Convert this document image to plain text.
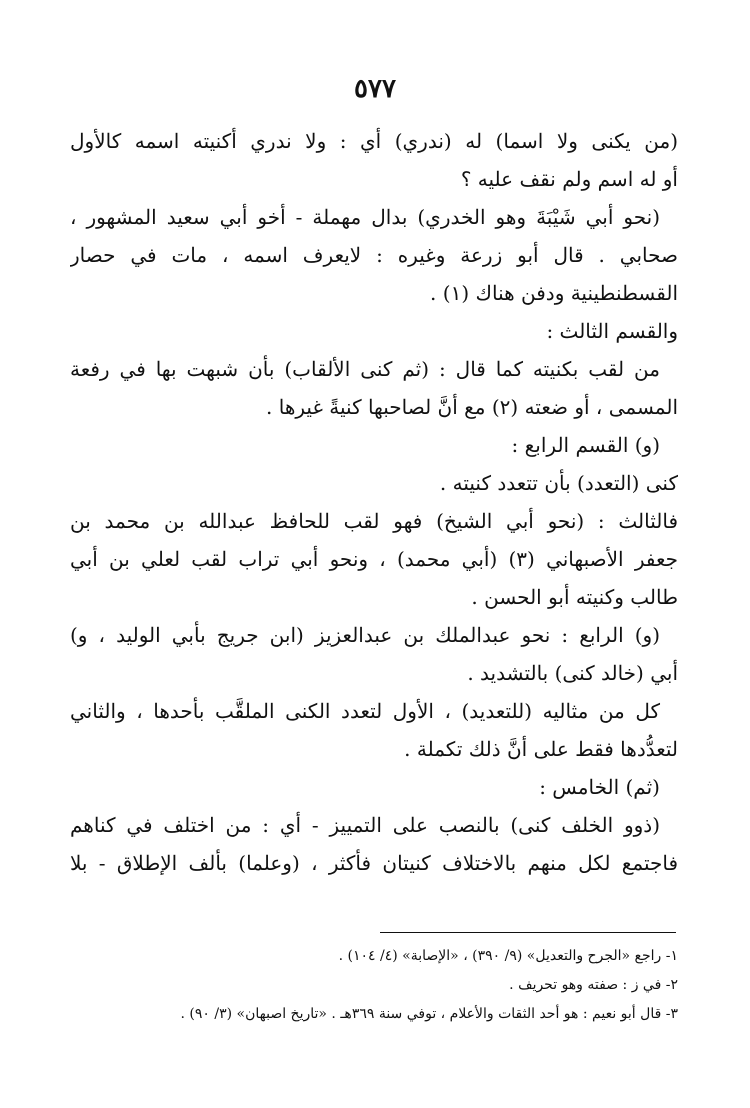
٥٧٧
(من يكنى ولا اسما) له (ندري) أي : ولا ندري أكنيته اسمه كالأول
أو له اسم ولم نقف عليه ؟
(نحو أبي شَيْبَةَ وهو الخدري) بدال مهملة - أخو أبي سعيد المشهور ،
صحابي . قال أبو زرعة وغيره : لايعرف اسمه ، مات في حصار
القسطنطينية ودفن هناك (١) .
والقسم الثالث :
من لقب بكنيته كما قال : (ثم كنى الألقاب) بأن شبهت بها في رفعة
المسمى ، أو ضعته (٢) مع أنَّ لصاحبها كنيةً غيرها .
(و) القسم الرابع :
كنى (التعدد) بأن تتعدد كنيته .
فالثالث : (نحو أبي الشيخ) فهو لقب للحافظ عبدالله بن محمد بن
جعفر الأصبهاني (٣) (أبي محمد) ، ونحو أبي تراب لقب لعلي بن أبي
طالب وكنيته أبو الحسن .
(و) الرابع : نحو عبدالملك بن عبدالعزيز (ابن جريج بأبي الوليد ، و)
أبي (خالد كنى) بالتشديد .
كل من مثاليه (للتعديد) ، الأول لتعدد الكنى الملقَّب بأحدها ، والثاني
لتعدُّدها فقط على أنَّ ذلك تكملة .
(ثم) الخامس :
(ذوو الخلف كنى) بالنصب على التمييز - أي : من اختلف في كناهم
فاجتمع لكل منهم بالاختلاف كنيتان فأكثر ، (وعلما) بألف الإطلاق - بلا
١- راجع «الجرح والتعديل» (٩/ ٣٩٠) ، «الإصابة» (٤/ ١٠٤) .
٢- في ز : صفته وهو تحريف .
٣- قال أبو نعيم : هو أحد الثقات والأعلام ، توفي سنة ٣٦٩هـ . «تاريخ اصبهان» (٣/ ٩٠) .
